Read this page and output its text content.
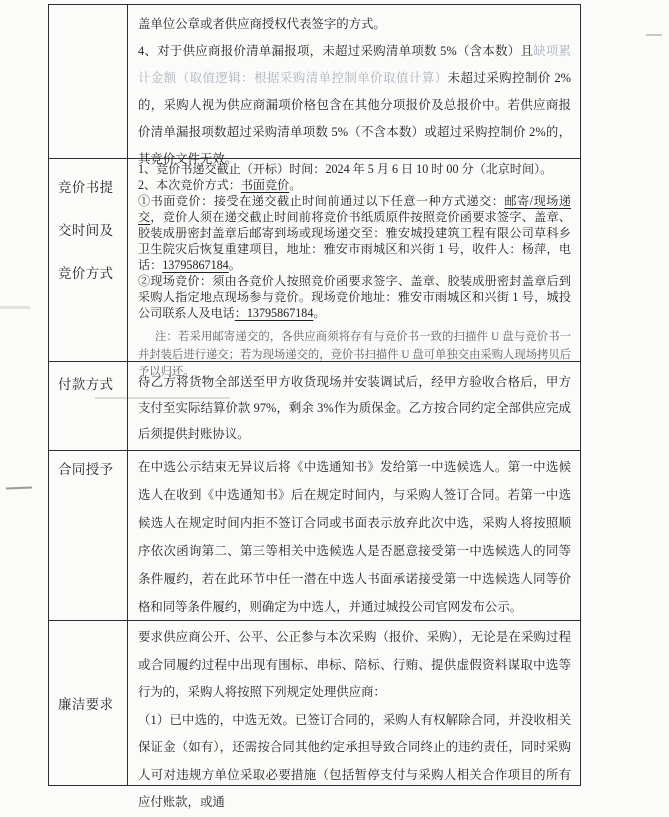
盖单位公章或者供应商授权代表签字的方式。

4、对于供应商报价清单漏报项，未超过采购清单项数 5%（含本数）且缺项累计金额（取值逻辑：根据采购清单控制单价取值计算）未超过采购控制价 2%的，采购人视为供应商漏项价格包含在其他分项报价及总报价中。若供应商报价清单漏报项数超过采购清单项数 5%（不含本数）或超过采购控制价 2%的，其竞价文件无效。

竞价书提交时间及竞价方式

1、竞价书递交截止（开标）时间：2024 年 5 月 6 日 10 时 00 分（北京时间）。

2、本次竞价方式：书面竞价。

①书面竞价：接受在递交截止时间前通过以下任意一种方式递交：邮寄/现场递交，竞价人须在递交截止时间前将竞价书纸质原件按照竞价函要求签字、盖章、胶装成册密封盖章后邮寄到场或现场递交至：雅安城投建筑工程有限公司草科乡卫生院灾后恢复重建项目，地址：雅安市雨城区和兴街 1 号，收件人：杨萍，电话：13795867184。

②现场竞价：须由各竞价人按照竞价函要求签字、盖章、胶装成册密封盖章后到采购人指定地点现场参与竞价。现场竞价地址：雅安市雨城区和兴街 1 号，城投公司联系人及电话：13795867184。

注：若采用邮寄递交的，各供应商须将存有与竞价书一致的扫描件 U 盘与竞价书一并封装后进行递交；若为现场递交的，竞价书扫描件 U 盘可单独交由采购人现场拷贝后予以归还。

付款方式	待乙方将货物全部送至甲方收货现场并安装调试后，经甲方验收合格后，甲方支付至实际结算价款 97%，剩余 3%作为质保金。乙方按合同约定全部供应完成后须提供封账协议。

合同授予	在中选公示结束无异议后将《中选通知书》发给第一中选候选人。第一中选候选人在收到《中选通知书》后在规定时间内，与采购人签订合同。若第一中选候选人在规定时间内拒不签订合同或书面表示放弃此次中选，采购人将按照顺序依次函询第二、第三等相关中选候选人是否愿意接受第一中选候选人的同等条件履约，若在此环节中任一潜在中选人书面承诺接受第一中选候选人同等价格和同等条件履约，则确定为中选人，并通过城投公司官网发布公示。

廉洁要求

要求供应商公开、公平、公正参与本次采购（报价、采购），无论是在采购过程或合同履约过程中出现有围标、串标、陪标、行贿、提供虚假资料谋取中选等行为的，采购人将按照下列规定处理供应商：

（1）已中选的，中选无效。已签订合同的，采购人有权解除合同，并没收相关保证金（如有），还需按合同其他约定承担导致合同终止的违约责任，同时采购人可对违规方单位采取必要措施（包括暂停支付与采购人相关合作项目的所有应付账款，或通
